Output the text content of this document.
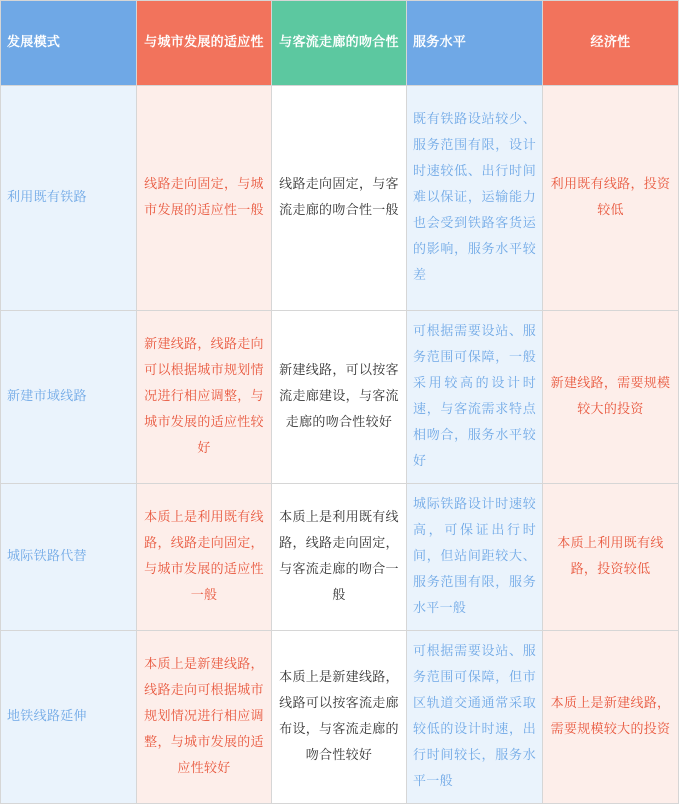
发展模式	与城市发展的适应性	与客流走廊的吻合性	服务水平	经济性
利用既有铁路	线路走向固定，与城市发展的适应性一般	线路走向固定，与客流走廊的吻合性一般	既有铁路设站较少、服务范围有限，设计时速较低、出行时间难以保证，运输能力也会受到铁路客货运的影响，服务水平较差	利用既有线路，投资较低
新建市域线路	新建线路，线路走向可以根据城市规划情况进行相应调整，与城市发展的适应性较好	新建线路，可以按客流走廊建设，与客流走廊的吻合性较好	可根据需要设站、服务范围可保障，一般采用较高的设计时速，与客流需求特点相吻合，服务水平较好	新建线路，需要规模较大的投资
城际铁路代替	本质上是利用既有线路，线路走向固定，与城市发展的适应性一般	本质上是利用既有线路，线路走向固定，与客流走廊的吻合一般	城际铁路设计时速较高，可保证出行时间，但站间距较大、服务范围有限，服务水平一般	本质上利用既有线路，投资较低
地铁线路延伸	本质上是新建线路，线路走向可根据城市规划情况进行相应调整，与城市发展的适应性较好	本质上是新建线路，线路可以按客流走廊布设，与客流走廊的吻合性较好	可根据需要设站、服务范围可保障，但市区轨道交通通常采取较低的设计时速，出行时间较长，服务水平一般	本质上是新建线路，需要规模较大的投资
